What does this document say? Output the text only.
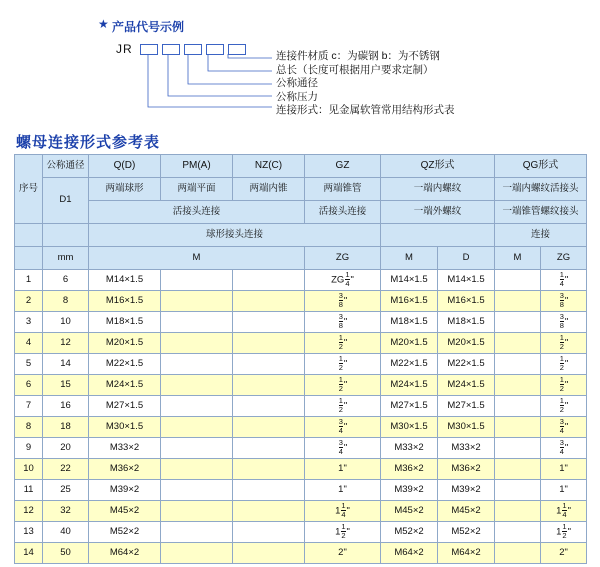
★ 产品代号示例
JR	连接件材质 c：为碳钢 b：为不锈钢
总长（长度可根据用户要求定制）
公称通径
公称压力
连接形式：见金属软管常用结构形式表
螺母连接形式参考表
序号	公称通径	Q(D)	PM(A)	NZ(C)	GZ	QZ形式		QG形式	
	D1	两端球形	两端平面	两端内锥	两端锥管	一端内螺纹		一端内螺纹活接头	
		活接头连接			活接头连接	一端外螺纹		一端锥管螺纹接头	
		球形接头连接						连接	
	mm	M			ZG	M	D	M	ZG
1	6	M14×1.5			ZG $\frac{1}{4}$ "	M14×1.5	M14×1.5		$\frac{1}{4}$ "
2	8	M16×1.5			$\frac{3}{8}$ "	M16×1.5	M16×1.5		$\frac{3}{8}$ "
3	10	M18×1.5			$\frac{3}{8}$ "	M18×1.5	M18×1.5		$\frac{3}{8}$ "
4	12	M20×1.5			$\frac{1}{2}$ "	M20×1.5	M20×1.5		$\frac{1}{2}$ "
5	14	M22×1.5			$\frac{1}{2}$ "	M22×1.5	M22×1.5		$\frac{1}{2}$ "
6	15	M24×1.5			$\frac{1}{2}$ "	M24×1.5	M24×1.5		$\frac{1}{2}$ "
7	16	M27×1.5			$\frac{1}{2}$ "	M27×1.5	M27×1.5		$\frac{1}{2}$ "
8	18	M30×1.5			$\frac{3}{4}$ "	M30×1.5	M30×1.5		$\frac{3}{4}$ "
9	20	M33×2			$\frac{3}{4}$ "	M33×2	M33×2		$\frac{3}{4}$ "
10	22	M36×2			1"	M36×2	M36×2		1"
11	25	M39×2			1"	M39×2	M39×2		1"
12	32	M45×2			$1 \frac{1}{4}$ "	M45×2	M45×2		$1 \frac{1}{4}$ "
13	40	M52×2			$1 \frac{1}{2}$ "	M52×2	M52×2		$1 \frac{1}{2}$ "
14	50	M64×2			2"	M64×2	M64×2		2"
